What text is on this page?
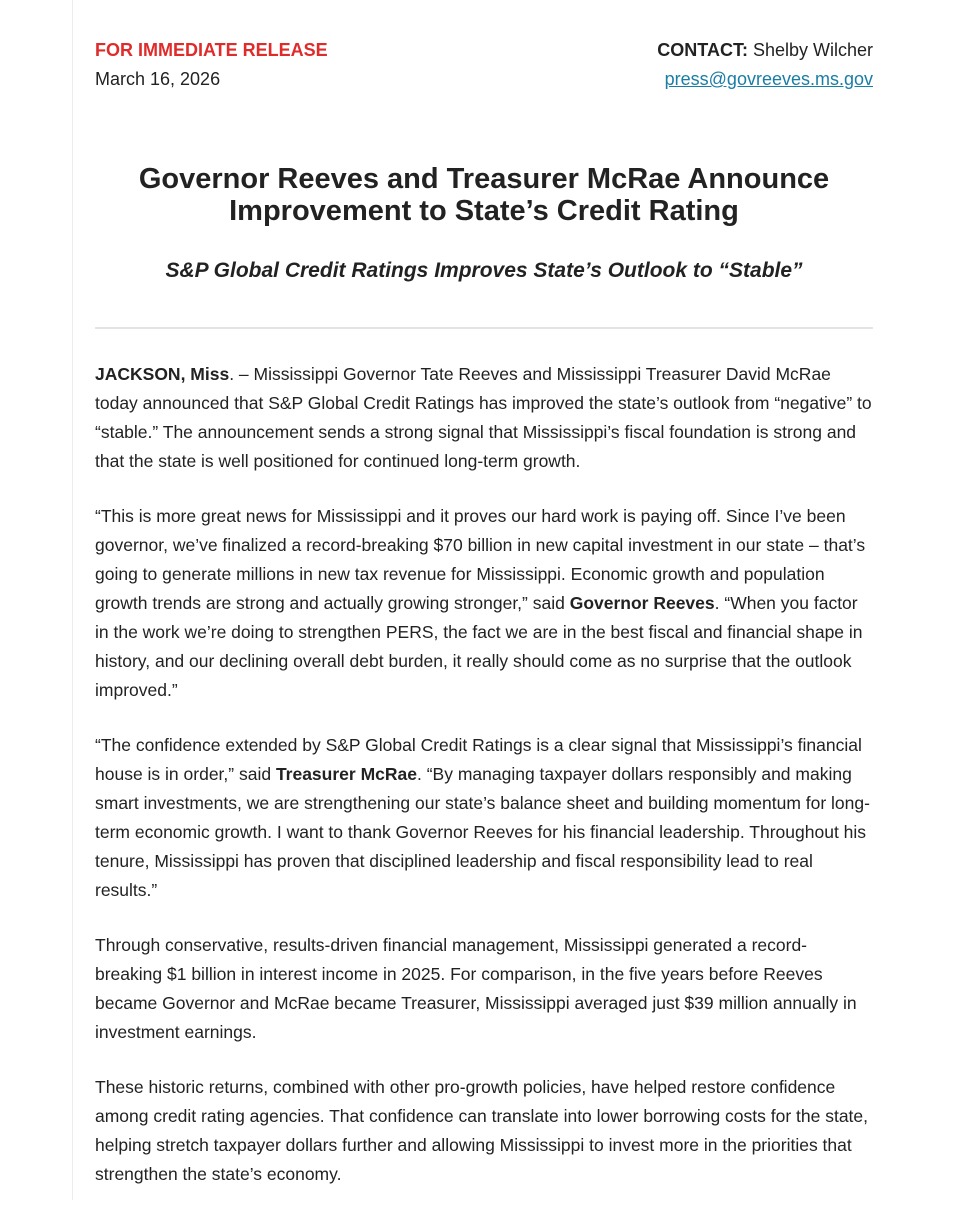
FOR IMMEDIATE RELEASE
March 16, 2026
CONTACT: Shelby Wilcher
press@govreeves.ms.gov
Governor Reeves and Treasurer McRae Announce
Improvement to State’s Credit Rating
S&P Global Credit Ratings Improves State’s Outlook to “Stable”

JACKSON, Miss. – Mississippi Governor Tate Reeves and Mississippi Treasurer David McRae today announced that S&P Global Credit Ratings has improved the state’s outlook from “negative” to “stable.” The announcement sends a strong signal that Mississippi’s fiscal foundation is strong and that the state is well positioned for continued long-term growth.

“This is more great news for Mississippi and it proves our hard work is paying off. Since I’ve been governor, we’ve finalized a record-breaking $70 billion in new capital investment in our state – that’s going to generate millions in new tax revenue for Mississippi. Economic growth and population growth trends are strong and actually growing stronger,” said Governor Reeves. “When you factor in the work we’re doing to strengthen PERS, the fact we are in the best fiscal and financial shape in history, and our declining overall debt burden, it really should come as no surprise that the outlook improved.”

“The confidence extended by S&P Global Credit Ratings is a clear signal that Mississippi’s financial house is in order,” said Treasurer McRae. “By managing taxpayer dollars responsibly and making smart investments, we are strengthening our state’s balance sheet and building momentum for long-term economic growth. I want to thank Governor Reeves for his financial leadership. Throughout his tenure, Mississippi has proven that disciplined leadership and fiscal responsibility lead to real results.”

Through conservative, results-driven financial management, Mississippi generated a record-breaking $1 billion in interest income in 2025. For comparison, in the five years before Reeves became Governor and McRae became Treasurer, Mississippi averaged just $39 million annually in investment earnings.

These historic returns, combined with other pro-growth policies, have helped restore confidence among credit rating agencies. That confidence can translate into lower borrowing costs for the state, helping stretch taxpayer dollars further and allowing Mississippi to invest more in the priorities that strengthen the state’s economy.
